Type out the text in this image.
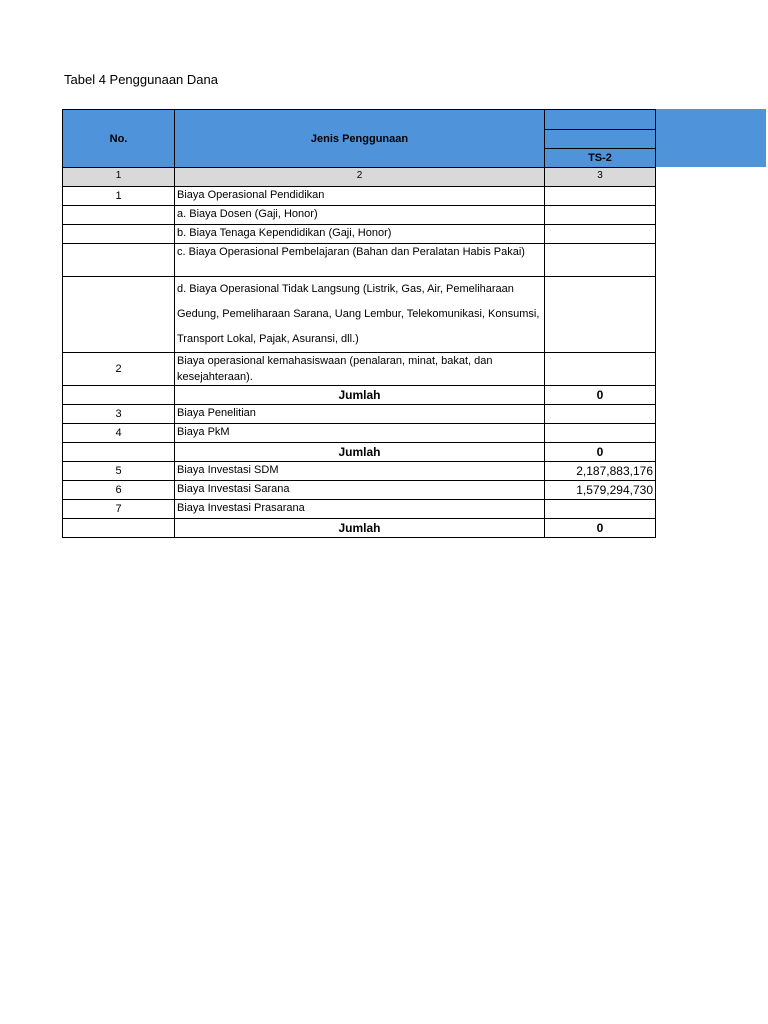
Tabel 4 Penggunaan Dana
No.	Jenis Penggunaan	

		TS-2
1	2	3
1	Biaya Operasional Pendidikan	
	a. Biaya Dosen (Gaji, Honor)	
	b. Biaya Tenaga Kependidikan (Gaji, Honor)	
	c. Biaya Operasional Pembelajaran (Bahan dan Peralatan Habis Pakai)	
	d. Biaya Operasional Tidak Langsung (Listrik, Gas, Air, Pemeliharaan Gedung, Pemeliharaan Sarana, Uang Lembur, Telekomunikasi, Konsumsi, Transport Lokal, Pajak, Asuransi, dll.)	
2	Biaya operasional kemahasiswaan (penalaran, minat, bakat, dan kesejahteraan).	
	Jumlah	0
3	Biaya Penelitian	
4	Biaya PkM	
	Jumlah	0
5	Biaya Investasi SDM	2,187,883,176
6	Biaya Investasi Sarana	1,579,294,730
7	Biaya Investasi Prasarana	
	Jumlah	0
